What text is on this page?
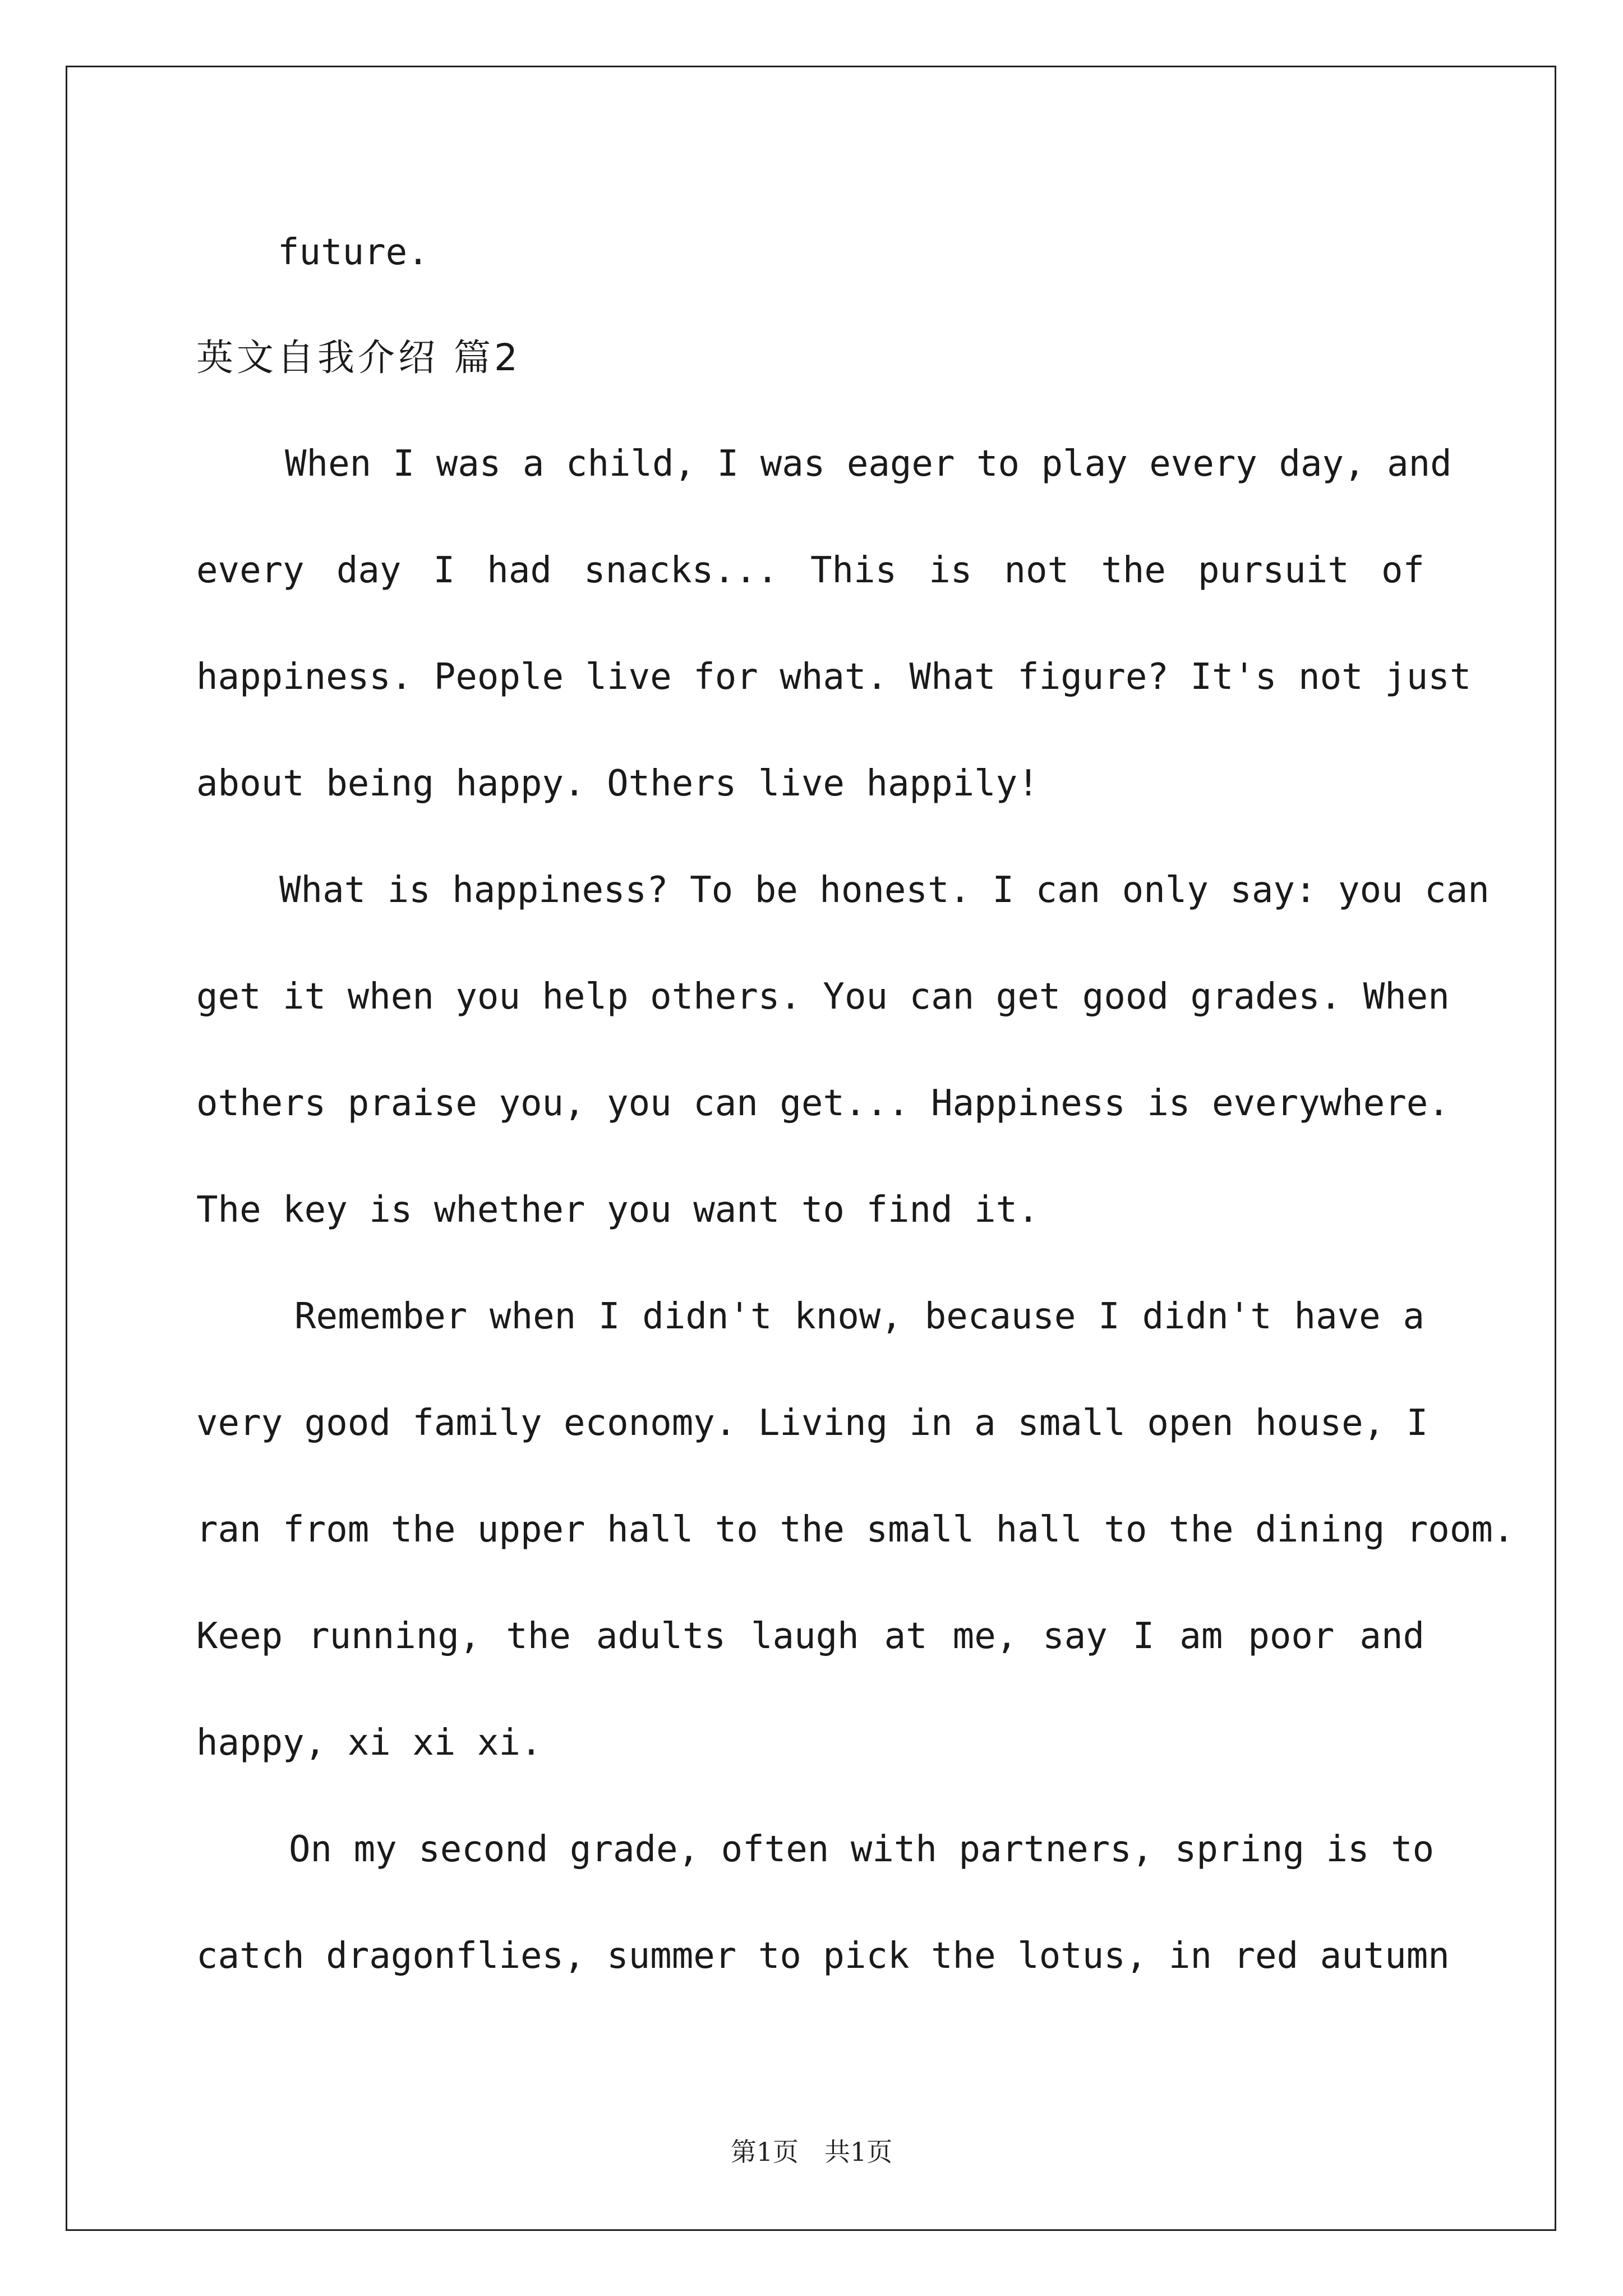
future.
英文自我介绍 篇2
When I was a child, I was eager to play every day, and
every day I had snacks... This is not the pursuit of
happiness. People live for what. What figure? It's not just
about being happy. Others live happily!
What is happiness? To be honest. I can only say: you can
get it when you help others. You can get good grades. When
others praise you, you can get... Happiness is everywhere.
The key is whether you want to find it.
Remember when I didn't know, because I didn't have a
very good family economy. Living in a small open house, I
ran from the upper hall to the small hall to the dining room.
Keep running, the adults laugh at me, say I am poor and
happy, xi xi xi.
On my second grade, often with partners, spring is to
catch dragonflies, summer to pick the lotus, in red autumn
第1页　共1页
